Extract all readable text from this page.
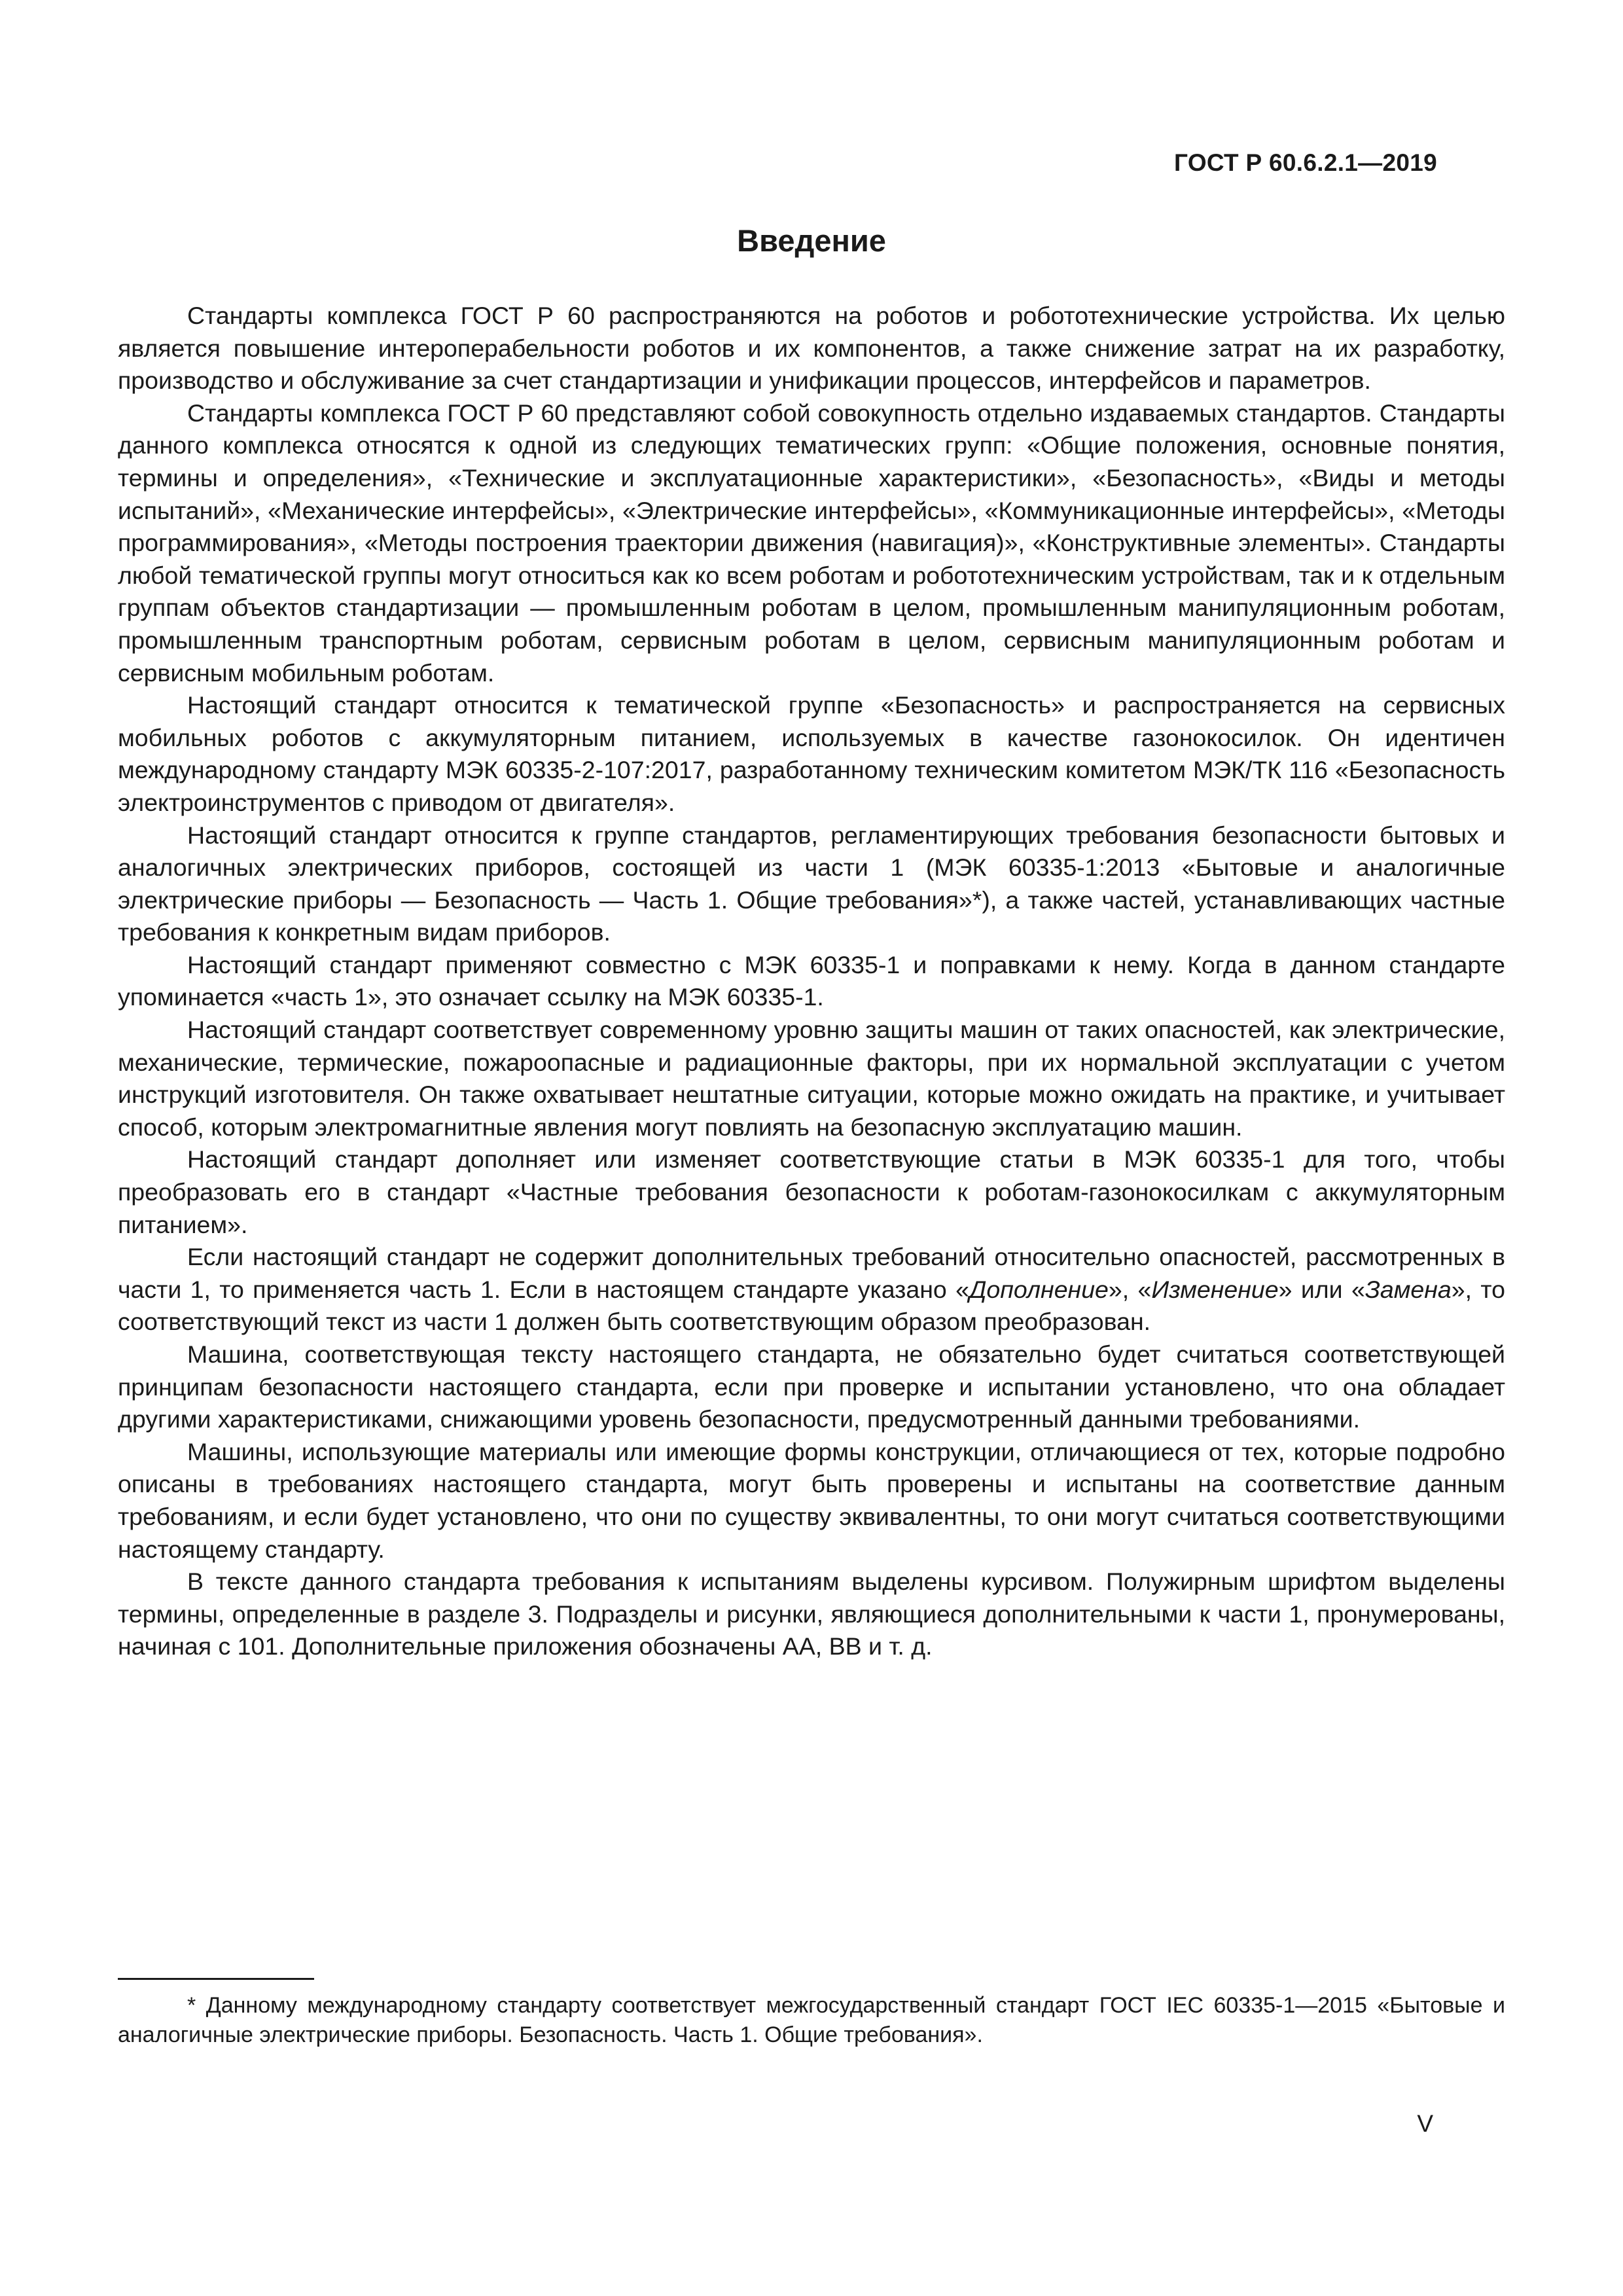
ГОСТ Р 60.6.2.1—2019
Введение

Стандарты комплекса ГОСТ Р 60 распространяются на роботов и робототехнические устройства. Их целью является повышение интероперабельности роботов и их компонентов, а также снижение затрат на их разработку, производство и обслуживание за счет стандартизации и унификации процессов, интерфейсов и параметров.

Стандарты комплекса ГОСТ Р 60 представляют собой совокупность отдельно издаваемых стандартов. Стандарты данного комплекса относятся к одной из следующих тематических групп: «Общие положения, основные понятия, термины и определения», «Технические и эксплуатационные характеристики», «Безопасность», «Виды и методы испытаний», «Механические интерфейсы», «Электрические интерфейсы», «Коммуникационные интерфейсы», «Методы программирования», «Методы построения траектории движения (навигация)», «Конструктивные элементы». Стандарты любой тематической группы могут относиться как ко всем роботам и робототехническим устройствам, так и к отдельным группам объектов стандартизации — промышленным роботам в целом, промышленным манипуляционным роботам, промышленным транспортным роботам, сервисным роботам в целом, сервисным манипуляционным роботам и сервисным мобильным роботам.

Настоящий стандарт относится к тематической группе «Безопасность» и распространяется на сервисных мобильных роботов с аккумуляторным питанием, используемых в качестве газонокосилок. Он идентичен международному стандарту МЭК 60335-2-107:2017, разработанному техническим комитетом МЭК/ТК 116 «Безопасность электроинструментов с приводом от двигателя».

Настоящий стандарт относится к группе стандартов, регламентирующих требования безопасности бытовых и аналогичных электрических приборов, состоящей из части 1 (МЭК 60335-1:2013 «Бытовые и аналогичные электрические приборы — Безопасность — Часть 1. Общие требования»*), а также частей, устанавливающих частные требования к конкретным видам приборов.

Настоящий стандарт применяют совместно с МЭК 60335-1 и поправками к нему. Когда в данном стандарте упоминается «часть 1», это означает ссылку на МЭК 60335-1.

Настоящий стандарт соответствует современному уровню защиты машин от таких опасностей, как электрические, механические, термические, пожароопасные и радиационные факторы, при их нормальной эксплуатации с учетом инструкций изготовителя. Он также охватывает нештатные ситуации, которые можно ожидать на практике, и учитывает способ, которым электромагнитные явления могут повлиять на безопасную эксплуатацию машин.

Настоящий стандарт дополняет или изменяет соответствующие статьи в МЭК 60335-1 для того, чтобы преобразовать его в стандарт «Частные требования безопасности к роботам-газонокосилкам с аккумуляторным питанием».

Если настоящий стандарт не содержит дополнительных требований относительно опасностей, рассмотренных в части 1, то применяется часть 1. Если в настоящем стандарте указано «Дополнение», «Изменение» или «Замена», то соответствующий текст из части 1 должен быть соответствующим образом преобразован.

Машина, соответствующая тексту настоящего стандарта, не обязательно будет считаться соответствующей принципам безопасности настоящего стандарта, если при проверке и испытании установлено, что она обладает другими характеристиками, снижающими уровень безопасности, предусмотренный данными требованиями.

Машины, использующие материалы или имеющие формы конструкции, отличающиеся от тех, которые подробно описаны в требованиях настоящего стандарта, могут быть проверены и испытаны на соответствие данным требованиям, и если будет установлено, что они по существу эквивалентны, то они могут считаться соответствующими настоящему стандарту.

В тексте данного стандарта требования к испытаниям выделены курсивом. Полужирным шрифтом выделены термины, определенные в разделе 3. Подразделы и рисунки, являющиеся дополнительными к части 1, пронумерованы, начиная с 101. Дополнительные приложения обозначены АА, ВВ и т. д.

* Данному международному стандарту соответствует межгосударственный стандарт ГОСТ IEC 60335-1—2015 «Бытовые и аналогичные электрические приборы. Безопасность. Часть 1. Общие требования».

V
